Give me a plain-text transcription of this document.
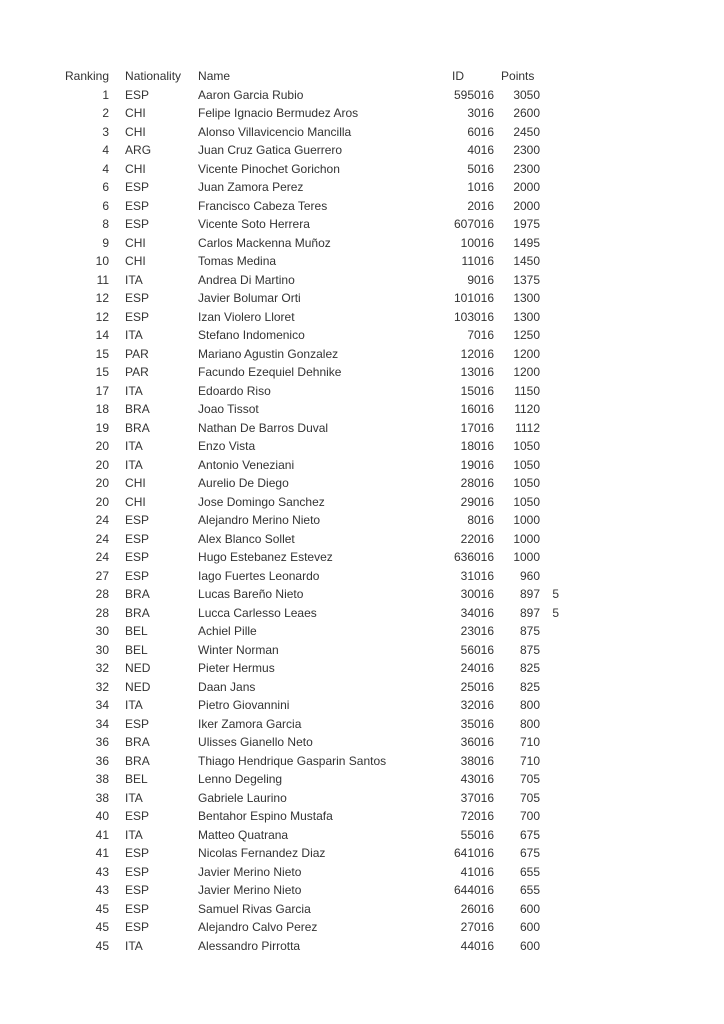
Ranking	Nationality	Name	ID	Points	
1	ESP	Aaron Garcia Rubio	595016	3050	
2	CHI	Felipe Ignacio Bermudez Aros	3016	2600	
3	CHI	Alonso Villavicencio Mancilla	6016	2450	
4	ARG	Juan Cruz Gatica Guerrero	4016	2300	
4	CHI	Vicente Pinochet Gorichon	5016	2300	
6	ESP	Juan Zamora Perez	1016	2000	
6	ESP	Francisco Cabeza Teres	2016	2000	
8	ESP	Vicente Soto Herrera	607016	1975	
9	CHI	Carlos Mackenna Muñoz	10016	1495	
10	CHI	Tomas Medina	11016	1450	
11	ITA	Andrea Di Martino	9016	1375	
12	ESP	Javier Bolumar Orti	101016	1300	
12	ESP	Izan Violero Lloret	103016	1300	
14	ITA	Stefano Indomenico	7016	1250	
15	PAR	Mariano Agustin Gonzalez	12016	1200	
15	PAR	Facundo Ezequiel Dehnike	13016	1200	
17	ITA	Edoardo Riso	15016	1150	
18	BRA	Joao Tissot	16016	1120	
19	BRA	Nathan De Barros Duval	17016	1112	
20	ITA	Enzo Vista	18016	1050	
20	ITA	Antonio Veneziani	19016	1050	
20	CHI	Aurelio De Diego	28016	1050	
20	CHI	Jose Domingo Sanchez	29016	1050	
24	ESP	Alejandro Merino Nieto	8016	1000	
24	ESP	Alex Blanco Sollet	22016	1000	
24	ESP	Hugo Estebanez Estevez	636016	1000	
27	ESP	Iago Fuertes Leonardo	31016	960	
28	BRA	Lucas Bareño Nieto	30016	897	5
28	BRA	Lucca Carlesso Leaes	34016	897	5
30	BEL	Achiel Pille	23016	875	
30	BEL	Winter Norman	56016	875	
32	NED	Pieter Hermus	24016	825	
32	NED	Daan Jans	25016	825	
34	ITA	Pietro Giovannini	32016	800	
34	ESP	Iker Zamora Garcia	35016	800	
36	BRA	Ulisses Gianello Neto	36016	710	
36	BRA	Thiago Hendrique Gasparin Santos	38016	710	
38	BEL	Lenno Degeling	43016	705	
38	ITA	Gabriele Laurino	37016	705	
40	ESP	Bentahor Espino Mustafa	72016	700	
41	ITA	Matteo Quatrana	55016	675	
41	ESP	Nicolas Fernandez Diaz	641016	675	
43	ESP	Javier Merino Nieto	41016	655	
43	ESP	Javier Merino Nieto	644016	655	
45	ESP	Samuel Rivas Garcia	26016	600	
45	ESP	Alejandro Calvo Perez	27016	600	
45	ITA	Alessandro Pirrotta	44016	600	
